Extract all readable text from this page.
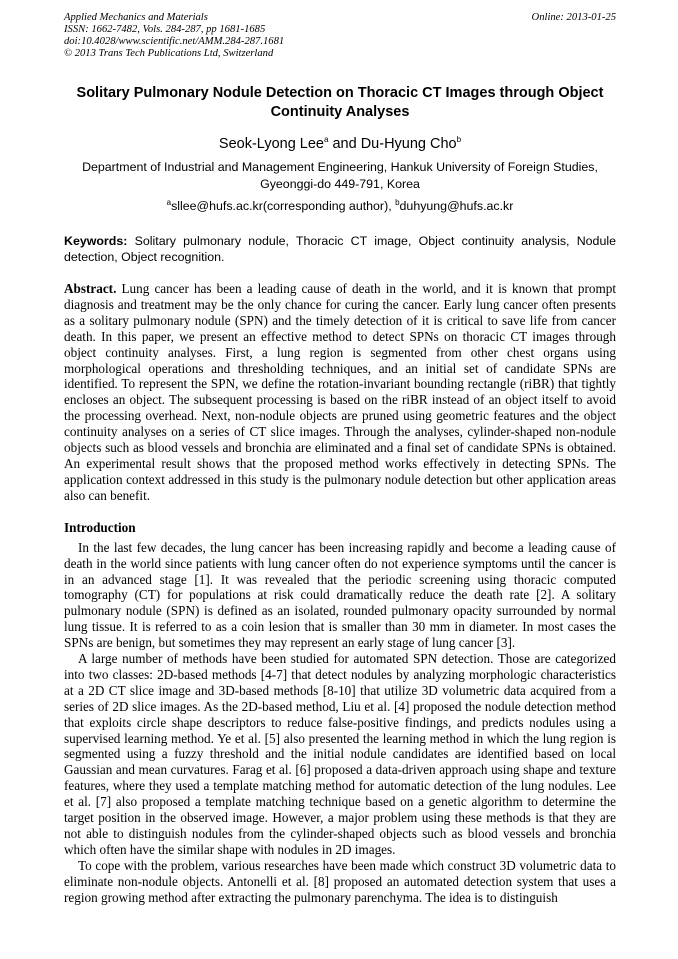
Applied Mechanics and Materials
ISSN: 1662-7482, Vols. 284-287, pp 1681-1685
doi:10.4028/www.scientific.net/AMM.284-287.1681
© 2013 Trans Tech Publications Ltd, Switzerland
Online: 2013-01-25
Solitary Pulmonary Nodule Detection on Thoracic CT Images through Object Continuity Analyses
Seok-Lyong Lee$^a$ and Du-Hyung Cho$^b$
Department of Industrial and Management Engineering, Hankuk University of Foreign Studies, Gyeonggi-do 449-791, Korea
$^a$sllee@hufs.ac.kr(corresponding author), $^b$duhyung@hufs.ac.kr
Keywords: Solitary pulmonary nodule, Thoracic CT image, Object continuity analysis, Nodule detection, Object recognition.
Abstract. Lung cancer has been a leading cause of death in the world, and it is known that prompt diagnosis and treatment may be the only chance for curing the cancer. Early lung cancer often presents as a solitary pulmonary nodule (SPN) and the timely detection of it is critical to save life from cancer death. In this paper, we present an effective method to detect SPNs on thoracic CT images through object continuity analyses. First, a lung region is segmented from other chest organs using morphological operations and thresholding techniques, and an initial set of candidate SPNs are identified. To represent the SPN, we define the rotation-invariant bounding rectangle (riBR) that tightly encloses an object. The subsequent processing is based on the riBR instead of an object itself to avoid the processing overhead. Next, non-nodule objects are pruned using geometric features and the object continuity analyses on a series of CT slice images. Through the analyses, cylinder-shaped non-nodule objects such as blood vessels and bronchia are eliminated and a final set of candidate SPNs is obtained. An experimental result shows that the proposed method works effectively in detecting SPNs. The application context addressed in this study is the pulmonary nodule detection but other application areas also can benefit.
Introduction
In the last few decades, the lung cancer has been increasing rapidly and become a leading cause of death in the world since patients with lung cancer often do not experience symptoms until the cancer is in an advanced stage [1]. It was revealed that the periodic screening using thoracic computed tomography (CT) for populations at risk could dramatically reduce the death rate [2]. A solitary pulmonary nodule (SPN) is defined as an isolated, rounded pulmonary opacity surrounded by normal lung tissue. It is referred to as a coin lesion that is smaller than 30 mm in diameter. In most cases the SPNs are benign, but sometimes they may represent an early stage of lung cancer [3].
A large number of methods have been studied for automated SPN detection. Those are categorized into two classes: 2D-based methods [4-7] that detect nodules by analyzing morphologic characteristics at a 2D CT slice image and 3D-based methods [8-10] that utilize 3D volumetric data acquired from a series of 2D slice images. As the 2D-based method, Liu et al. [4] proposed the nodule detection method that exploits circle shape descriptors to reduce false-positive findings, and predicts nodules using a supervised learning method. Ye et al. [5] also presented the learning method in which the lung region is segmented using a fuzzy threshold and the initial nodule candidates are identified based on local Gaussian and mean curvatures. Farag et al. [6] proposed a data-driven approach using shape and texture features, where they used a template matching method for automatic detection of the lung nodules. Lee et al. [7] also proposed a template matching technique based on a genetic algorithm to determine the target position in the observed image. However, a major problem using these methods is that they are not able to distinguish nodules from the cylinder-shaped objects such as blood vessels and bronchia which often have the similar shape with nodules in 2D images.
To cope with the problem, various researches have been made which construct 3D volumetric data to eliminate non-nodule objects. Antonelli et al. [8] proposed an automated detection system that uses a region growing method after extracting the pulmonary parenchyma. The idea is to distinguish
